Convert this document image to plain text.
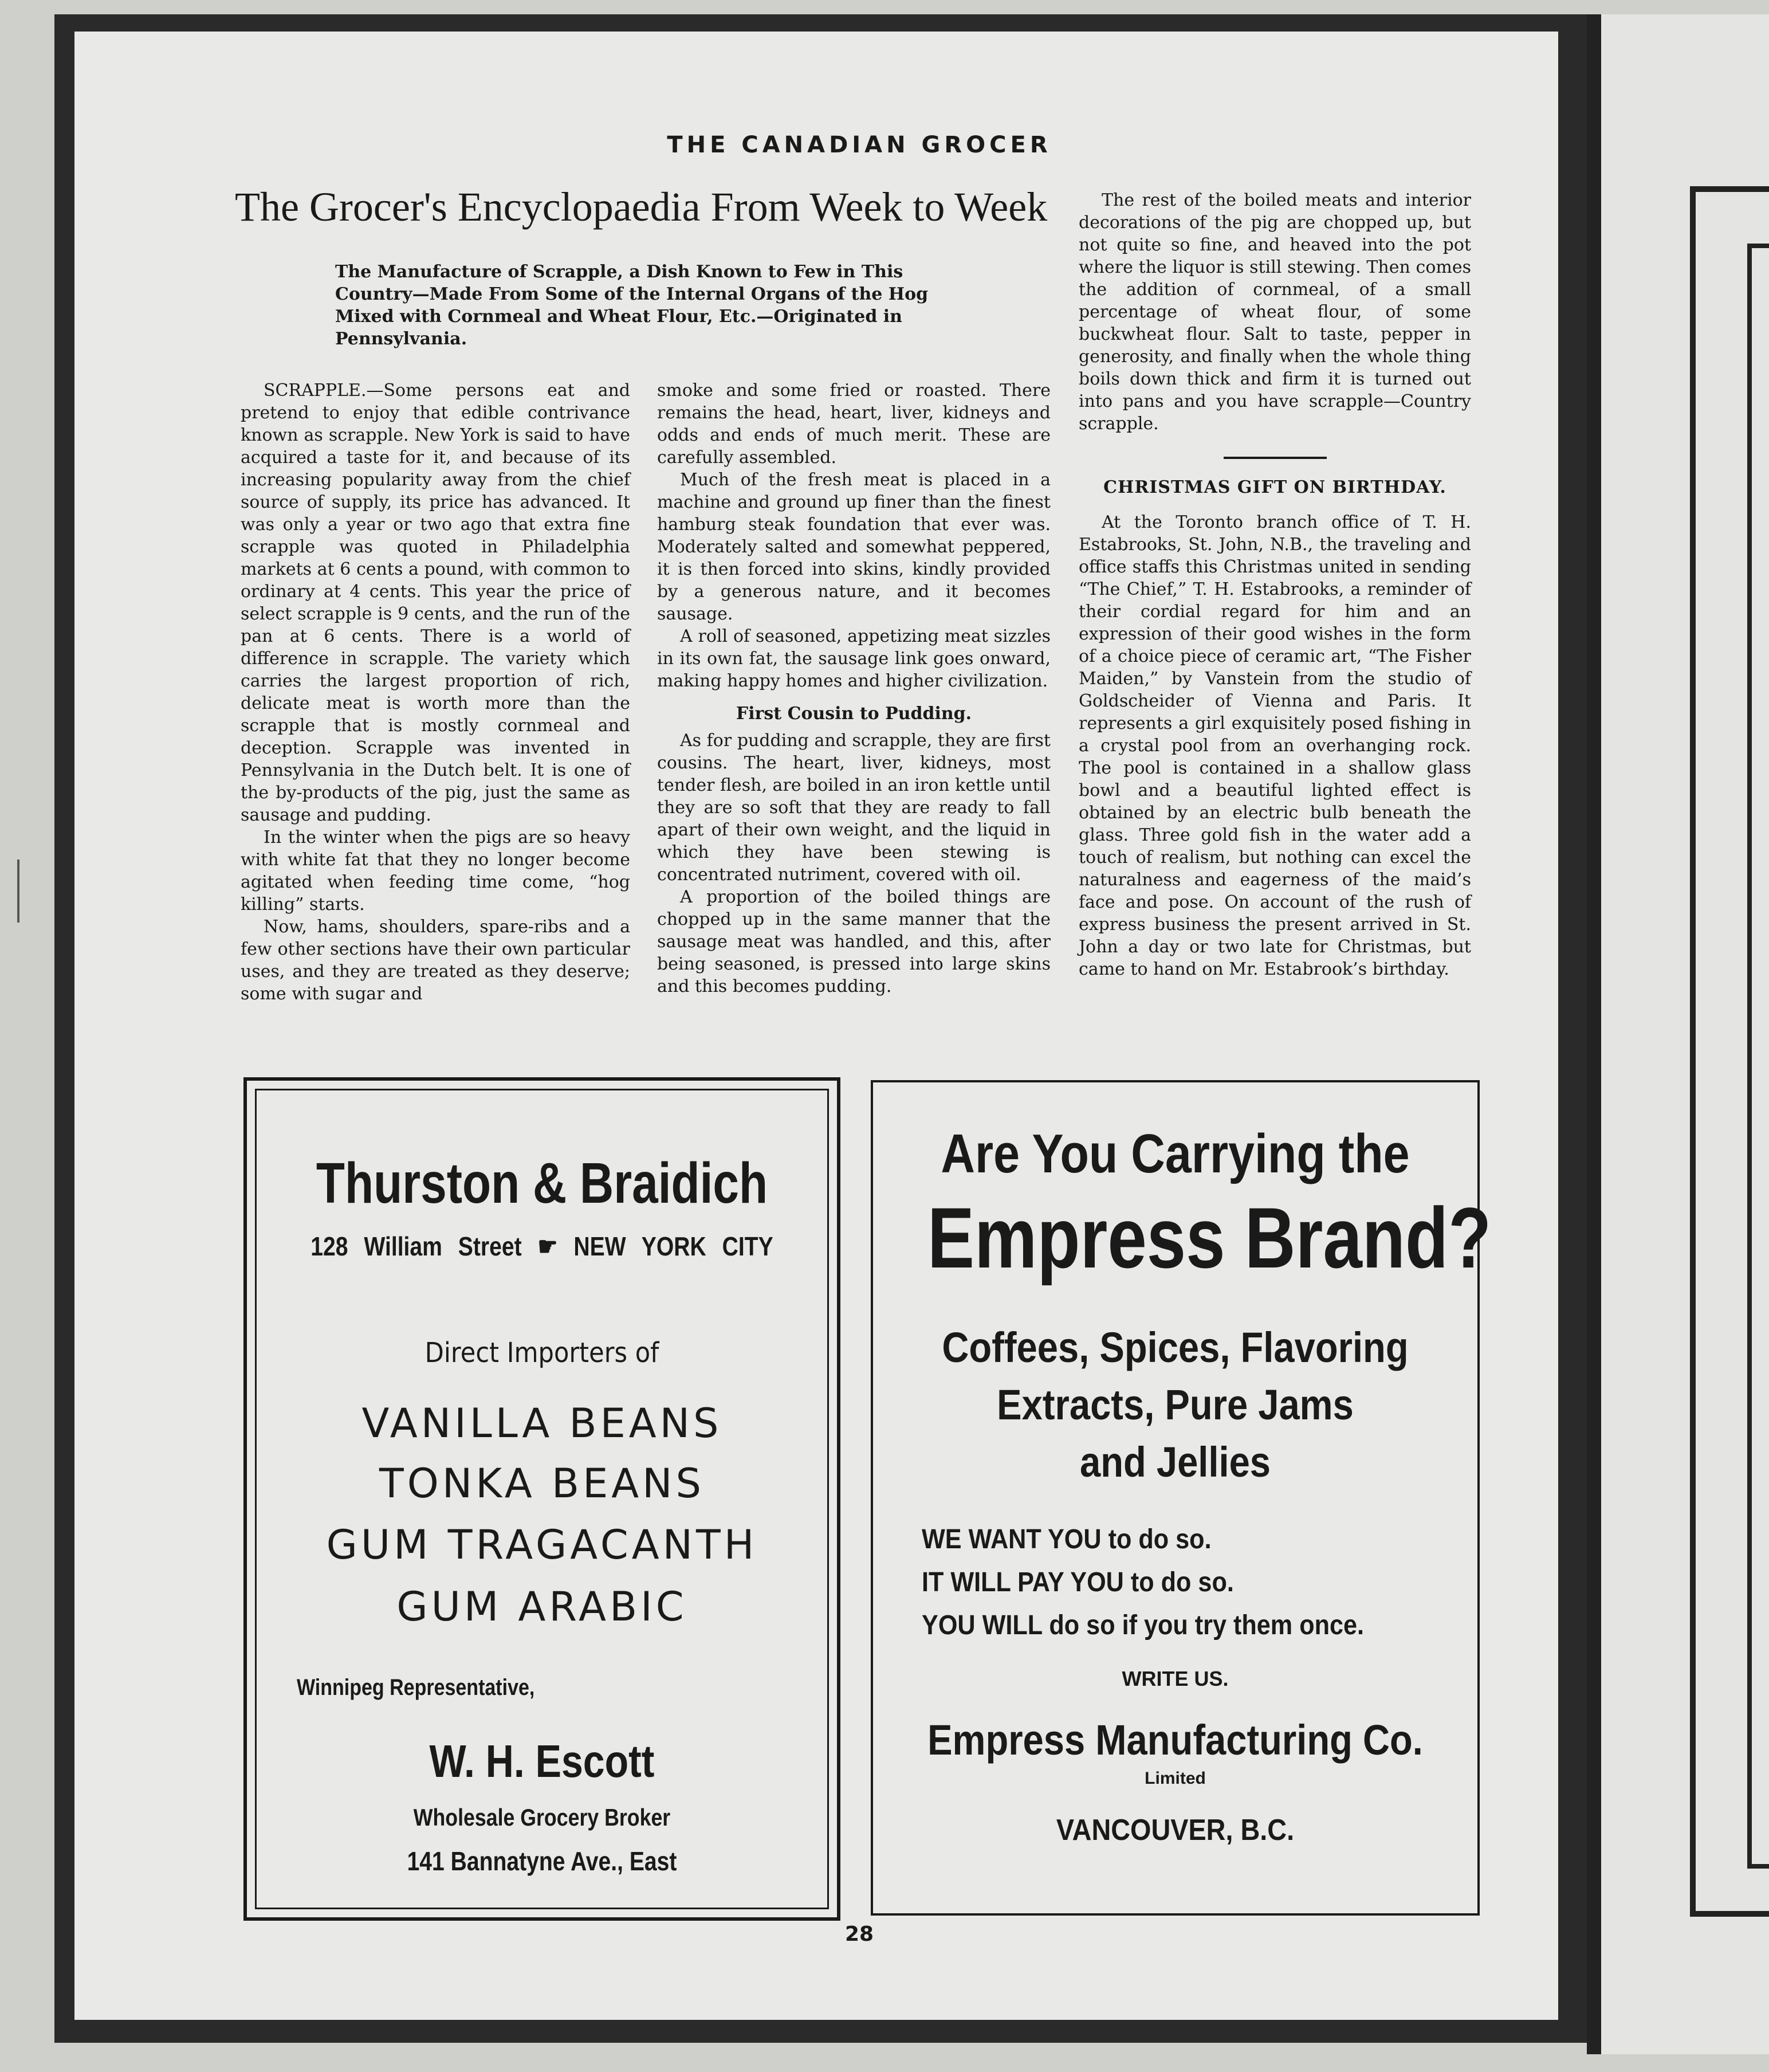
THE CANADIAN GROCER
The Grocer's Encyclopaedia From Week to Week
The Manufacture of Scrapple, a Dish Known to Few in This Country—Made From Some of the Internal Organs of the Hog Mixed with Cornmeal and Wheat Flour, Etc.—Originated in Pennsylvania.

SCRAPPLE.—Some persons eat and pretend to enjoy that edible contrivance known as scrapple. New York is said to have acquired a taste for it, and because of its increasing popularity away from the chief source of supply, its price has advanced. It was only a year or two ago that extra fine scrapple was quoted in Philadelphia markets at 6 cents a pound, with common to ordinary at 4 cents. This year the price of select scrapple is 9 cents, and the run of the pan at 6 cents. There is a world of difference in scrapple. The variety which carries the largest proportion of rich, delicate meat is worth more than the scrapple that is mostly cornmeal and deception. Scrapple was invented in Pennsylvania in the Dutch belt. It is one of the by-products of the pig, just the same as sausage and pudding.

In the winter when the pigs are so heavy with white fat that they no longer become agitated when feeding time come, “hog killing” starts.

Now, hams, shoulders, spare-ribs and a few other sections have their own particular uses, and they are treated as they deserve; some with sugar and

smoke and some fried or roasted. There remains the head, heart, liver, kidneys and odds and ends of much merit. These are carefully assembled.

Much of the fresh meat is placed in a machine and ground up finer than the finest hamburg steak foundation that ever was. Moderately salted and somewhat peppered, it is then forced into skins, kindly provided by a generous nature, and it becomes sausage.

A roll of seasoned, appetizing meat sizzles in its own fat, the sausage link goes onward, making happy homes and higher civilization.

First Cousin to Pudding.

As for pudding and scrapple, they are first cousins. The heart, liver, kidneys, most tender flesh, are boiled in an iron kettle until they are so soft that they are ready to fall apart of their own weight, and the liquid in which they have been stewing is concentrated nutriment, covered with oil.

A proportion of the boiled things are chopped up in the same manner that the sausage meat was handled, and this, after being seasoned, is pressed into large skins and this becomes pudding.

The rest of the boiled meats and interior decorations of the pig are chopped up, but not quite so fine, and heaved into the pot where the liquor is still stewing. Then comes the addition of cornmeal, of a small percentage of wheat flour, of some buckwheat flour. Salt to taste, pepper in generosity, and finally when the whole thing boils down thick and firm it is turned out into pans and you have scrapple—Country scrapple.

CHRISTMAS GIFT ON BIRTHDAY.

At the Toronto branch office of T. H. Estabrooks, St. John, N.B., the traveling and office staffs this Christmas united in sending “The Chief,” T. H. Estabrooks, a reminder of their cordial regard for him and an expression of their good wishes in the form of a choice piece of ceramic art, “The Fisher Maiden,” by Vanstein from the studio of Goldscheider of Vienna and Paris. It represents a girl exquisitely posed fishing in a crystal pool from an overhanging rock. The pool is contained in a shallow glass bowl and a beautiful lighted effect is obtained by an electric bulb beneath the glass. Three gold fish in the water add a touch of realism, but nothing can excel the naturalness and eagerness of the maid’s face and pose. On account of the rush of express business the present arrived in St. John a day or two late for Christmas, but came to hand on Mr. Estabrook’s birthday.

Thurston & Braidich
128 William Street ☛ NEW YORK CITY
Direct Importers of
VANILLA BEANS
TONKA BEANS
GUM TRAGACANTH
GUM ARABIC
Winnipeg Representative,
W. H. Escott
Wholesale Grocery Broker
141 Bannatyne Ave., East
Are You Carrying the
Empress Brand?
Coffees, Spices, Flavoring
Extracts, Pure Jams
and Jellies
WE WANT YOU to do so.
IT WILL PAY YOU to do so.
YOU WILL do so if you try them once.
WRITE US.
Empress Manufacturing Co.
Limited
VANCOUVER, B.C.
28
